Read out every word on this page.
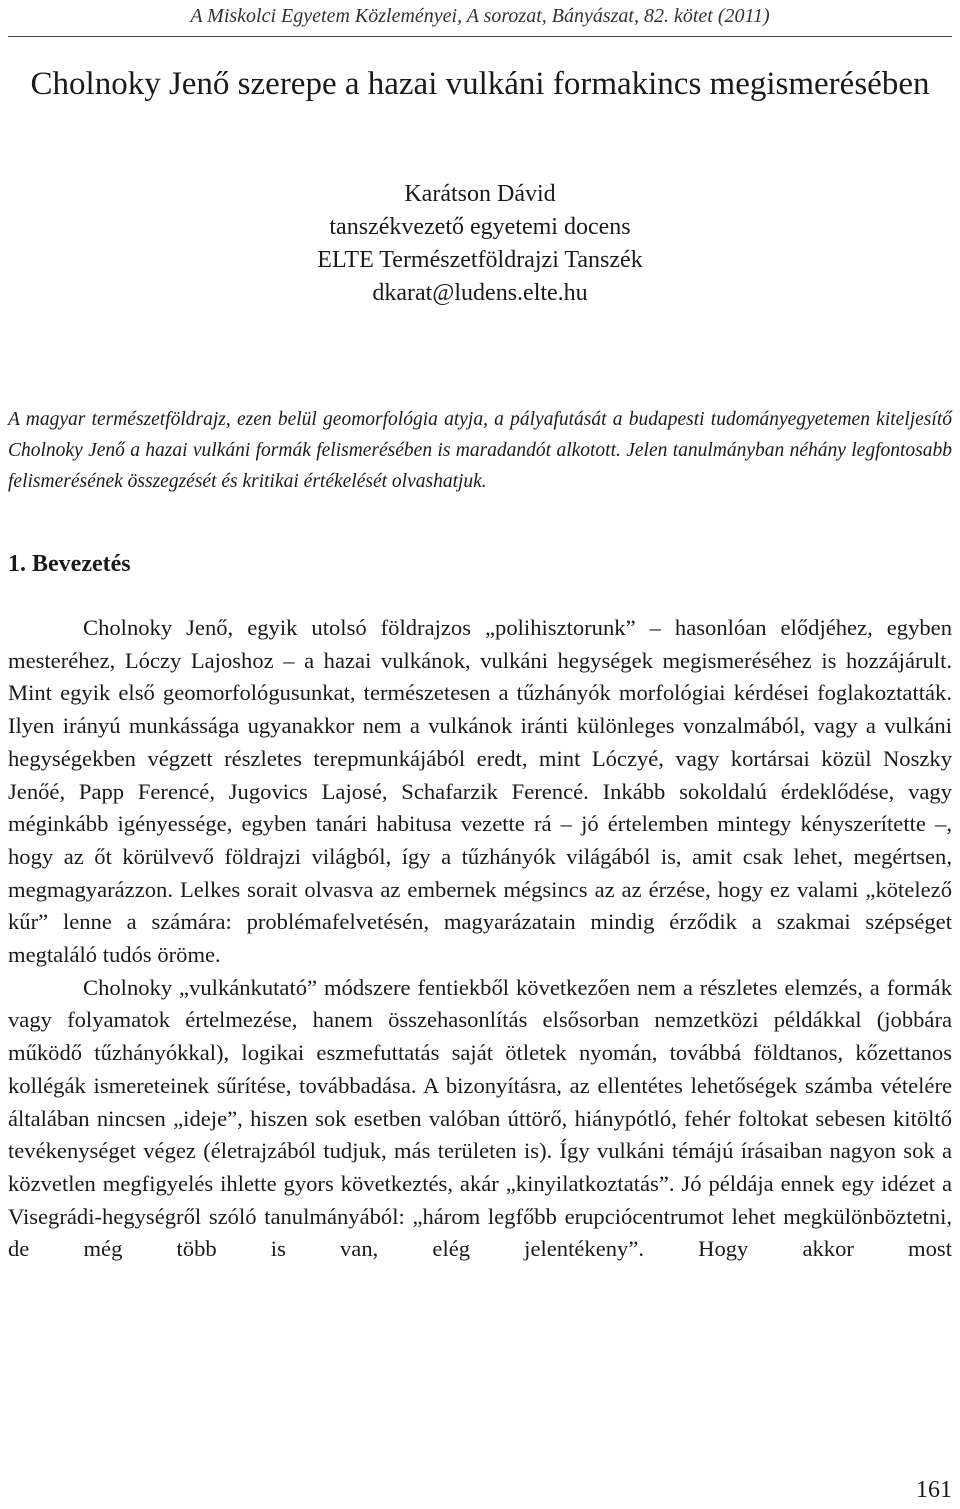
A Miskolci Egyetem Közleményei, A sorozat, Bányászat, 82. kötet (2011)
Cholnoky Jenő szerepe a hazai vulkáni formakincs megismerésében
Karátson Dávid
tanszékvezető egyetemi docens
ELTE Természetföldrajzi Tanszék
dkarat@ludens.elte.hu

A magyar természetföldrajz, ezen belül geomorfológia atyja, a pályafutását a budapesti tudományegyetemen kiteljesítő Cholnoky Jenő a hazai vulkáni formák felismerésében is maradandót alkotott. Jelen tanulmányban néhány legfontosabb felismerésének összegzését és kritikai értékelését olvashatjuk.

1. Bevezetés

Cholnoky Jenő, egyik utolsó földrajzos „polihisztorunk” – hasonlóan elődjéhez, egyben mesteréhez, Lóczy Lajoshoz – a hazai vulkánok, vulkáni hegységek megismeréséhez is hozzájárult. Mint egyik első geomorfológusunkat, természetesen a tűzhányók morfológiai kérdései foglakoztatták. Ilyen irányú munkássága ugyanakkor nem a vulkánok iránti különleges vonzalmából, vagy a vulkáni hegységekben végzett részletes terepmunkájából eredt, mint Lóczyé, vagy kortársai közül Noszky Jenőé, Papp Ferencé, Jugovics Lajosé, Schafarzik Ferencé. Inkább sokoldalú érdeklődése, vagy méginkább igényessége, egyben tanári habitusa vezette rá – jó értelemben mintegy kényszerítette –, hogy az őt körülvevő földrajzi világból, így a tűzhányók világából is, amit csak lehet, megértsen, megmagyarázzon. Lelkes sorait olvasva az embernek mégsincs az az érzése, hogy ez valami „kötelező kűr” lenne a számára: problémafelvetésén, magyarázatain mindig érződik a szakmai szépséget megtaláló tudós öröme.

Cholnoky „vulkánkutató” módszere fentiekből következően nem a részletes elemzés, a formák vagy folyamatok értelmezése, hanem összehasonlítás elsősorban nemzetközi példákkal (jobbára működő tűzhányókkal), logikai eszmefuttatás saját ötletek nyomán, továbbá földtanos, kőzettanos kollégák ismereteinek sűrítése, továbbadása. A bizonyításra, az ellentétes lehetőségek számba vételére általában nincsen „ideje”, hiszen sok esetben valóban úttörő, hiánypótló, fehér foltokat sebesen kitöltő tevékenységet végez (életrajzából tudjuk, más területen is). Így vulkáni témájú írásaiban nagyon sok a közvetlen megfigyelés ihlette gyors következtés, akár „kinyilatkoztatás”. Jó példája ennek egy idézet a Visegrádi-hegységről szóló tanulmányából: „három legfőbb erupciócentrumot lehet megkülönböztetni, de még több is van, elég jelentékeny”. Hogy akkor most

161
